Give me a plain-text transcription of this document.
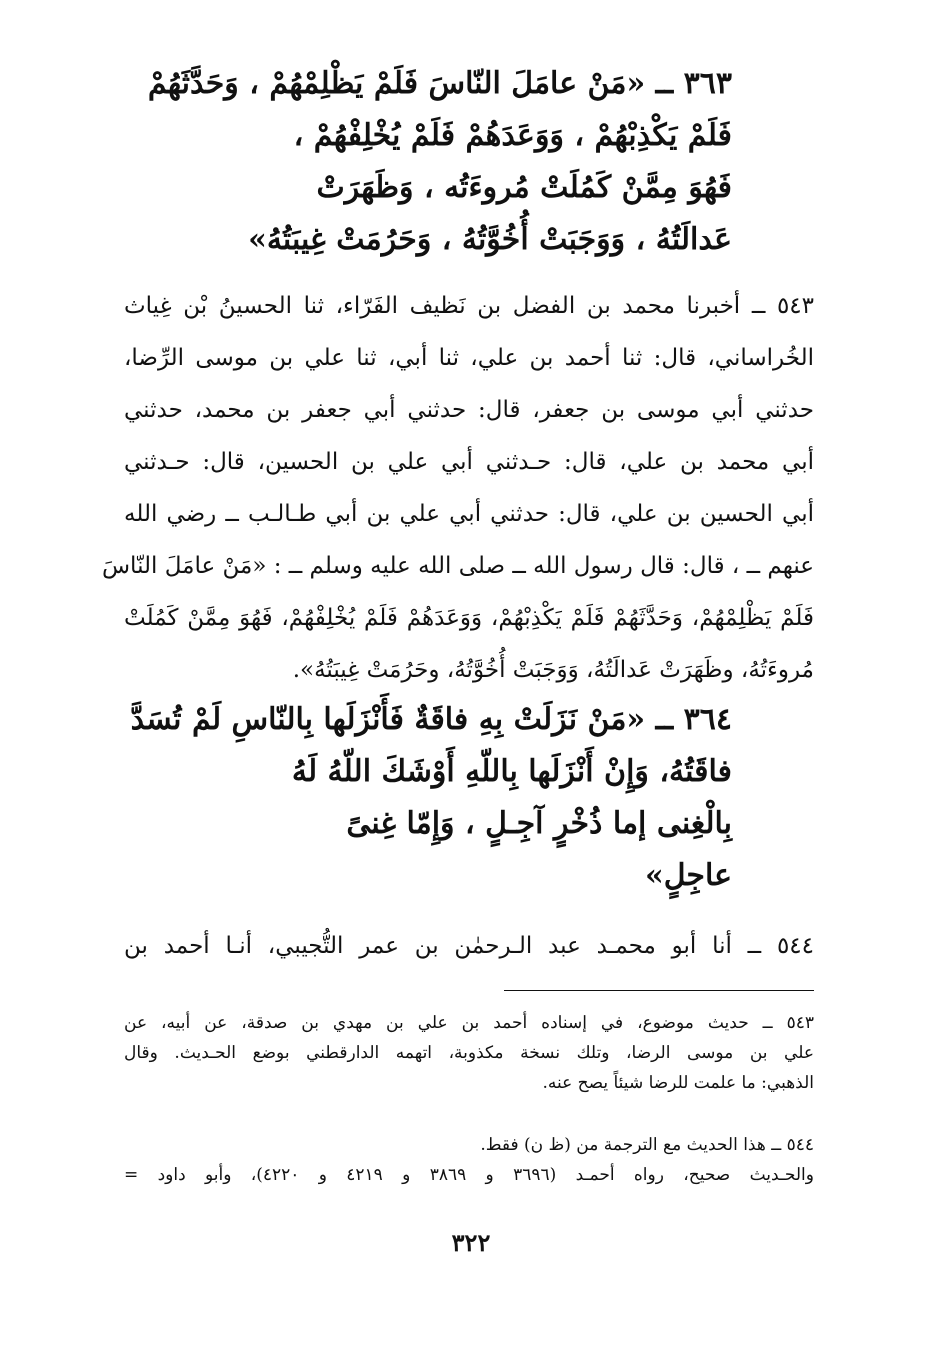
٣٦٣ ــ «مَنْ عامَلَ النّاسَ فَلَمْ يَظْلِمْهُمْ ، وَحَدَّثَهُمْ
فَلَمْ يَكْذِبْهُمْ ، وَوَعَدَهُمْ فَلَمْ يُخْلِفْهُمْ ،
فَهُوَ مِمَّنْ كَمُلَتْ مُروءَتُه ، وَظَهَرَتْ
عَدالَتُهُ ، وَوَجَبَتْ أُخُوَّتُهُ ، وَحَرُمَتْ غِيبَتُهُ»
٥٤٣ ــ أخبرنا محمد بن الفضل بن نَظيف الفَرّاء، ثنا الحسينُ بْن غِياث
الخُراساني، قال: ثنا أحمد بن علي، ثنا أبي، ثنا علي بن موسى الرِّضا،
حدثني أبي موسى بن جعفر، قال: حدثني أبي جعفر بن محمد، حدثني
أبي محمد بن علي، قال: حـدثني أبي علي بن الحسين، قال: حـدثني
أبي الحسين بن علي، قال: حدثني أبي علي بن أبي طـالـب ــ رضي الله
عنهم ــ ، قال: قال رسول الله ــ صلى الله عليه وسلم ــ : «مَنْ عامَلَ النّاسَ
فَلَمْ يَظْلِمْهُمْ، وَحَدَّثَهُمْ فَلَمْ يَكْذِبْهُمْ، وَوَعَدَهُمْ فَلَمْ يُخْلِفْهُمْ، فَهُوَ مِمَّنْ كَمُلَتْ
مُروءَتُهُ، وظَهَرَتْ عَدالَتُهُ، وَوَجَبَتْ أُخُوَّتُهُ، وحَرُمَتْ غِيبَتُهُ».
٣٦٤ ــ «مَنْ نَزَلَتْ بِهِ فاقَةٌ فَأَنْزَلَها بِالنّاسِ لَمْ تُسَدَّ
فاقَتُهُ، وَإِنْ أَنْزَلَها بِاللّهِ أَوْشَكَ اللّهُ لَهُ
بِالْغِنى إما ذُخْرٍ آجِـلٍ ، وَإِمّا غِنىً
عاجِلٍ»
٥٤٤ ــ أنا أبو محمـد عبد الـرحمٰن بن عمر التُّجيبي، أنـا أحمد بن
٥٤٣ ــ حديث موضوع، في إسناده أحمد بن علي بن مهدي بن صدقة، عن أبيه، عن
علي بن موسى الرضا، وتلك نسخة مكذوبة، اتهمه الدارقطني بوضع الحـديث. وقال
الذهبي: ما علمت للرضا شيئاً يصح عنه.
٥٤٤ ــ هذا الحديث مع الترجمة من (ظ ن) فقط.
والحـديث صحيح، رواه أحمـد (٣٦٩٦ و ٣٨٦٩ و ٤٢١٩ و ٤٢٢٠)، وأبو داود =
٣٢٢
